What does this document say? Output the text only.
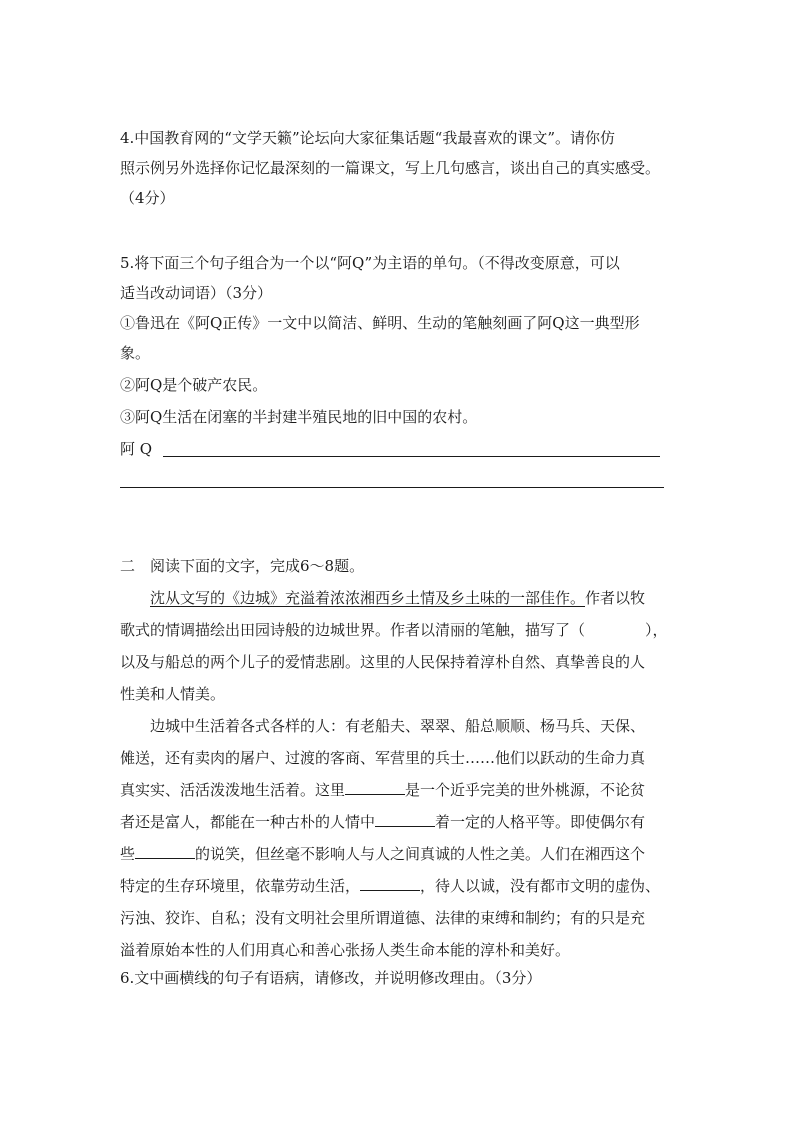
4.中国教育网的“文学天籁”论坛向大家征集话题“我最喜欢的课文”。请你仿
照示例另外选择你记忆最深刻的一篇课文，写上几句感言，谈出自己的真实感受。
（4分）
5.将下面三个句子组合为一个以“阿Q”为主语的单句。（不得改变原意，可以
适当改动词语）（3分）
①鲁迅在《阿Q正传》一文中以简洁、鲜明、生动的笔触刻画了阿Q这一典型形
象。
②阿Q是个破产农民。
③阿Q生活在闭塞的半封建半殖民地的旧中国的农村。
阿 Q
二　阅读下面的文字，完成6～8题。
沈从文写的《边城》充溢着浓浓湘西乡土情及乡土味的一部佳作。作者以牧
歌式的情调描绘出田园诗般的边城世界。作者以清丽的笔触，描写了（　　　　），
以及与船总的两个儿子的爱情悲剧。这里的人民保持着淳朴自然、真挚善良的人
性美和人情美。
边城中生活着各式各样的人：有老船夫、翠翠、船总顺顺、杨马兵、天保、
傩送，还有卖肉的屠户、过渡的客商、军营里的兵士……他们以跃动的生命力真
真实实、活活泼泼地生活着。这里	是一个近乎完美的世外桃源，不论贫
者还是富人，都能在一种古朴的人情中	着一定的人格平等。即使偶尔有
些	的说笑，但丝毫不影响人与人之间真诚的人性之美。人们在湘西这个
特定的生存环境里，依靠劳动生活，	，待人以诚，没有都市文明的虚伪、
污浊、狡诈、自私；没有文明社会里所谓道德、法律的束缚和制约；有的只是充
溢着原始本性的人们用真心和善心张扬人类生命本能的淳朴和美好。
6.文中画横线的句子有语病，请修改，并说明修改理由。（3分）
